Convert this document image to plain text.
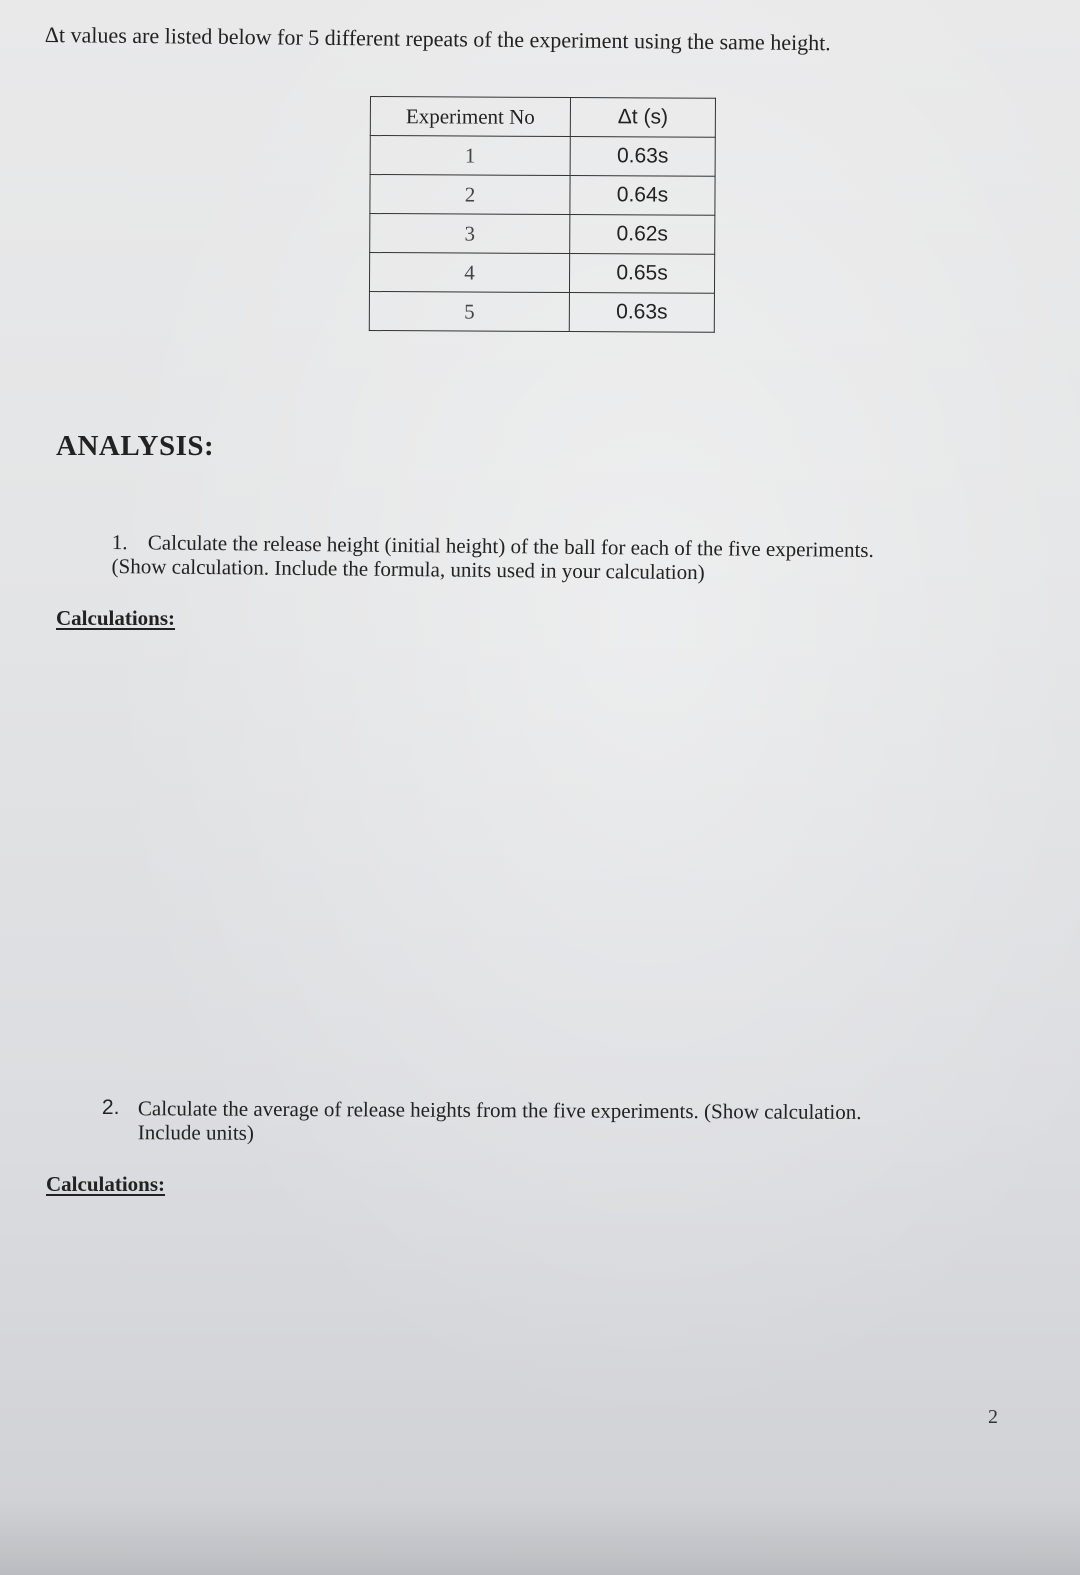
Δt values are listed below for 5 different repeats of the experiment using the same height.
Experiment No	Δt (s)
1	0.63s
2	0.64s
3	0.62s
4	0.65s
5	0.63s
ANALYSIS:
1. Calculate the release height (initial height) of the ball for each of the five experiments.
(Show calculation. Include the formula, units used in your calculation)
Calculations:
2. Calculate the average of release heights from the five experiments. (Show calculation.
Include units)
Calculations:
2
